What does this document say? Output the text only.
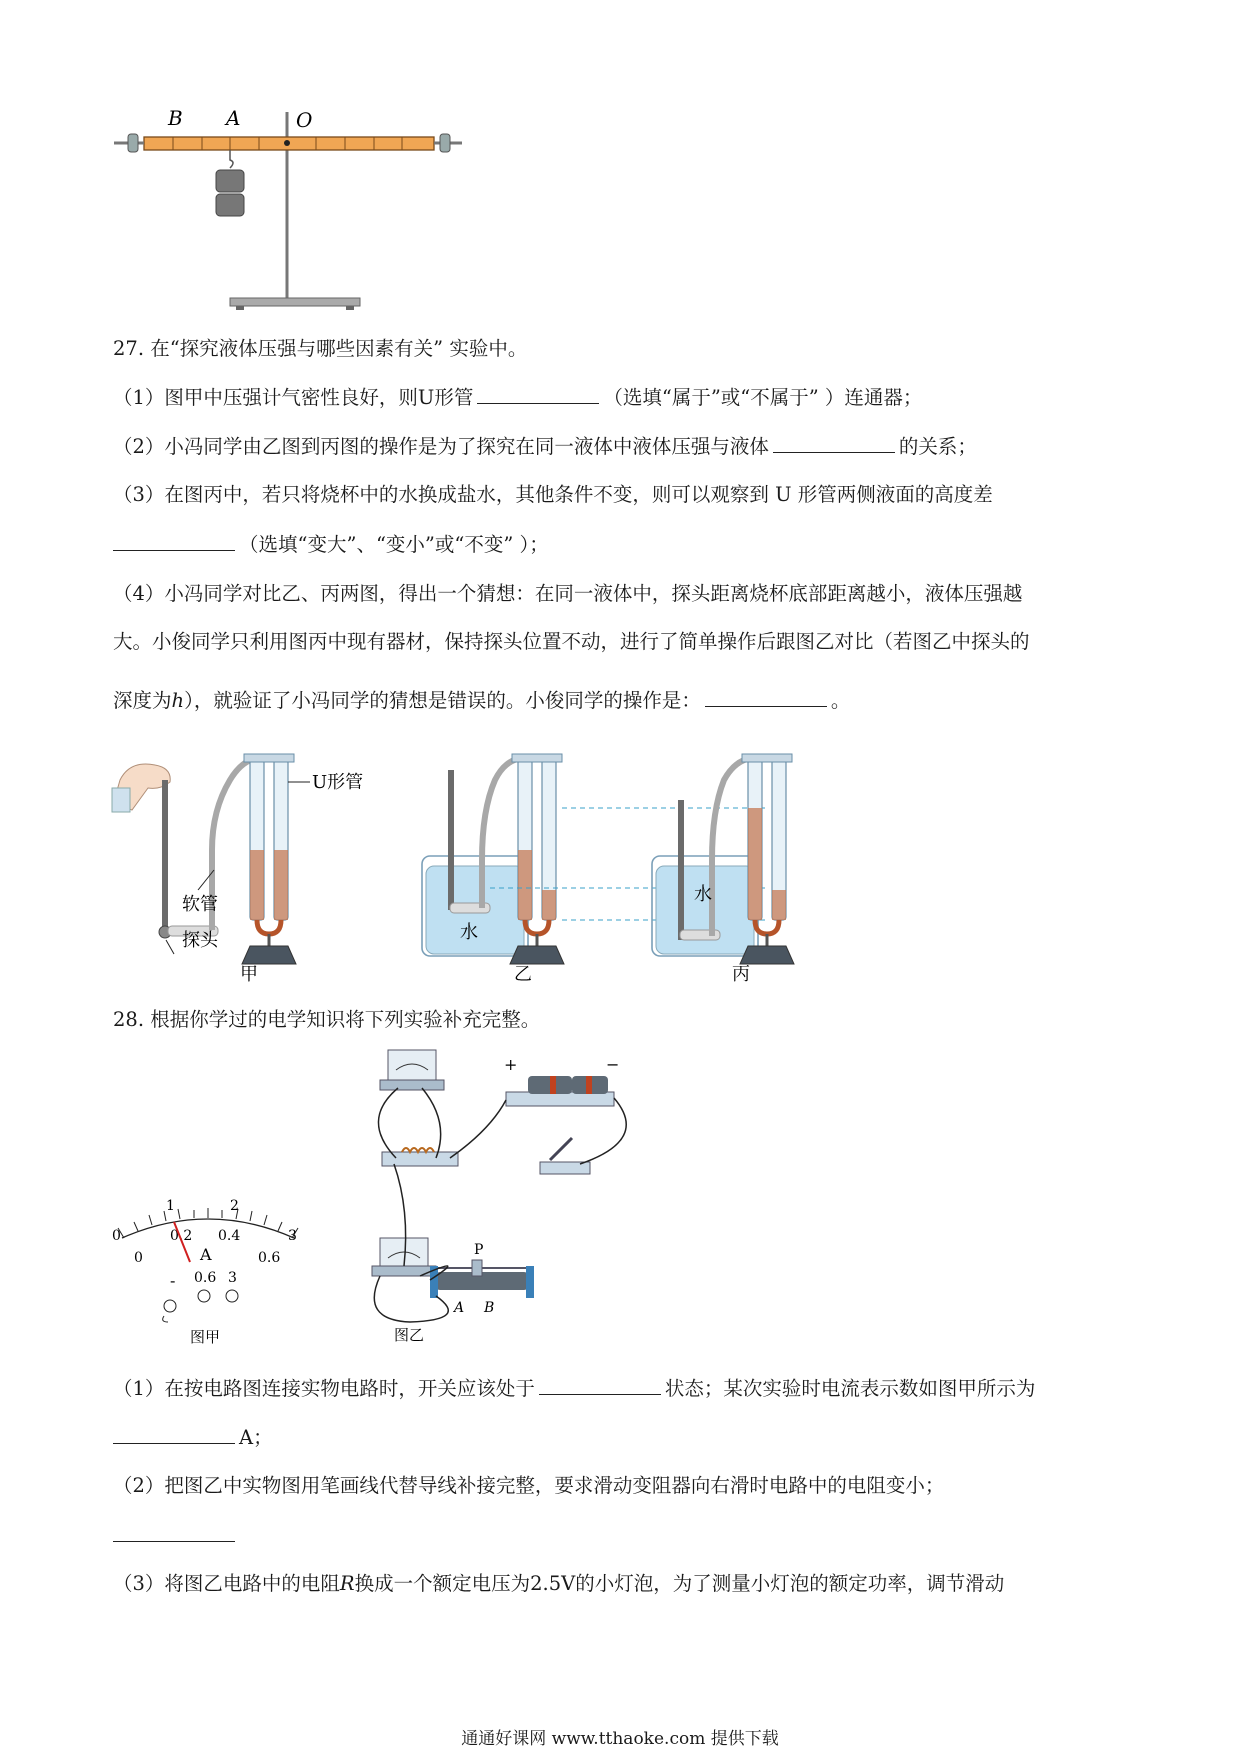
B A	O
27. 在“探究液体压强与哪些因素有关” 实验中。
（1）图甲中压强计气密性良好，则U形管	（选填“属于”或“不属于” ）连通器；
（2）小冯同学由乙图到丙图的操作是为了探究在同一液体中液体压强与液体	的关系；
（3）在图丙中，若只将烧杯中的水换成盐水，其他条件不变，则可以观察到 U 形管两侧液面的高度差
（选填“变大”、“变小”或“不变” ）；
（4）小冯同学对比乙、丙两图，得出一个猜想：在同一液体中，探头距离烧杯底部距离越小，液体压强越
大。小俊同学只利用图丙中现有器材，保持探头位置不动，进行了简单操作后跟图乙对比（若图乙中探头的
深度为h），就验证了小冯同学的猜想是错误的。小俊同学的操作是：	。
U形管
软管
探头
甲
水
乙
水
丙
28. 根据你学过的电学知识将下列实验补充完整。
0
1	2
3
0
0.2 0.4
0.6
A
- 0.6 3
图甲
+	−
P
A B
图乙
（1）在按电路图连接实物电路时，开关应该处于	状态；某次实验时电流表示数如图甲所示为
A；
（2）把图乙中实物图用笔画线代替导线补接完整，要求滑动变阻器向右滑时电路中的电阻变小；
（3）将图乙电路中的电阻R换成一个额定电压为2.5V的小灯泡，为了测量小灯泡的额定功率，调节滑动
通通好课网 www.tthaoke.com 提供下载
